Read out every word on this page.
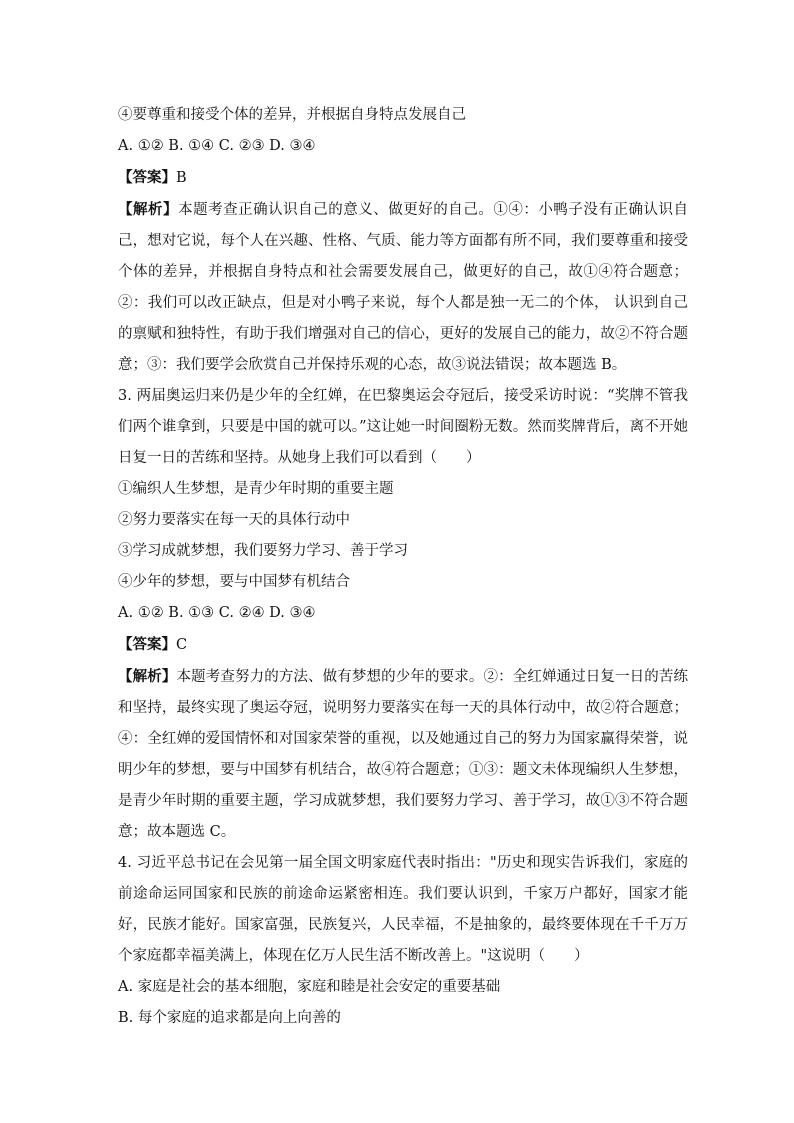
④要尊重和接受个体的差异，并根据自身特点发展自己

A. ①② B. ①④ C. ②③ D. ③④

【答案】B

【解析】本题考查正确认识自己的意义、做更好的自己。①④：小鸭子没有正确认识自己，想对它说，每个人在兴趣、性格、气质、能力等方面都有所不同，我们要尊重和接受个体的差异，并根据自身特点和社会需要发展自己，做更好的自己，故①④符合题意；②：我们可以改正缺点，但是对小鸭子来说，每个人都是独一无二的个体， 认识到自己的禀赋和独特性，有助于我们增强对自己的信心，更好的发展自己的能力，故②不符合题意；③：我们要学会欣赏自己并保持乐观的心态，故③说法错误；故本题选 B。

3. 两届奥运归来仍是少年的全红婵，在巴黎奥运会夺冠后，接受采访时说：“奖牌不管我们两个谁拿到，只要是中国的就可以。”这让她一时间圈粉无数。然而奖牌背后，离不开她日复一日的苦练和坚持。从她身上我们可以看到（　　）

①编织人生梦想，是青少年时期的重要主题

②努力要落实在每一天的具体行动中

③学习成就梦想，我们要努力学习、善于学习

④少年的梦想，要与中国梦有机结合

A. ①② B. ①③ C. ②④ D. ③④

【答案】C

【解析】本题考查努力的方法、做有梦想的少年的要求。②：全红婵通过日复一日的苦练和坚持，最终实现了奥运夺冠，说明努力要落实在每一天的具体行动中，故②符合题意；④：全红婵的爱国情怀和对国家荣誉的重视，以及她通过自己的努力为国家赢得荣誉，说明少年的梦想，要与中国梦有机结合，故④符合题意；①③：题文未体现编织人生梦想，是青少年时期的重要主题，学习成就梦想，我们要努力学习、善于学习，故①③不符合题意；故本题选 C。

4. 习近平总书记在会见第一届全国文明家庭代表时指出："历史和现实告诉我们，家庭的前途命运同国家和民族的前途命运紧密相连。我们要认识到，千家万户都好，国家才能好，民族才能好。国家富强，民族复兴，人民幸福，不是抽象的，最终要体现在千千万万个家庭都幸福美满上，体现在亿万人民生活不断改善上。"这说明（　　）

A. 家庭是社会的基本细胞，家庭和睦是社会安定的重要基础

B. 每个家庭的追求都是向上向善的
